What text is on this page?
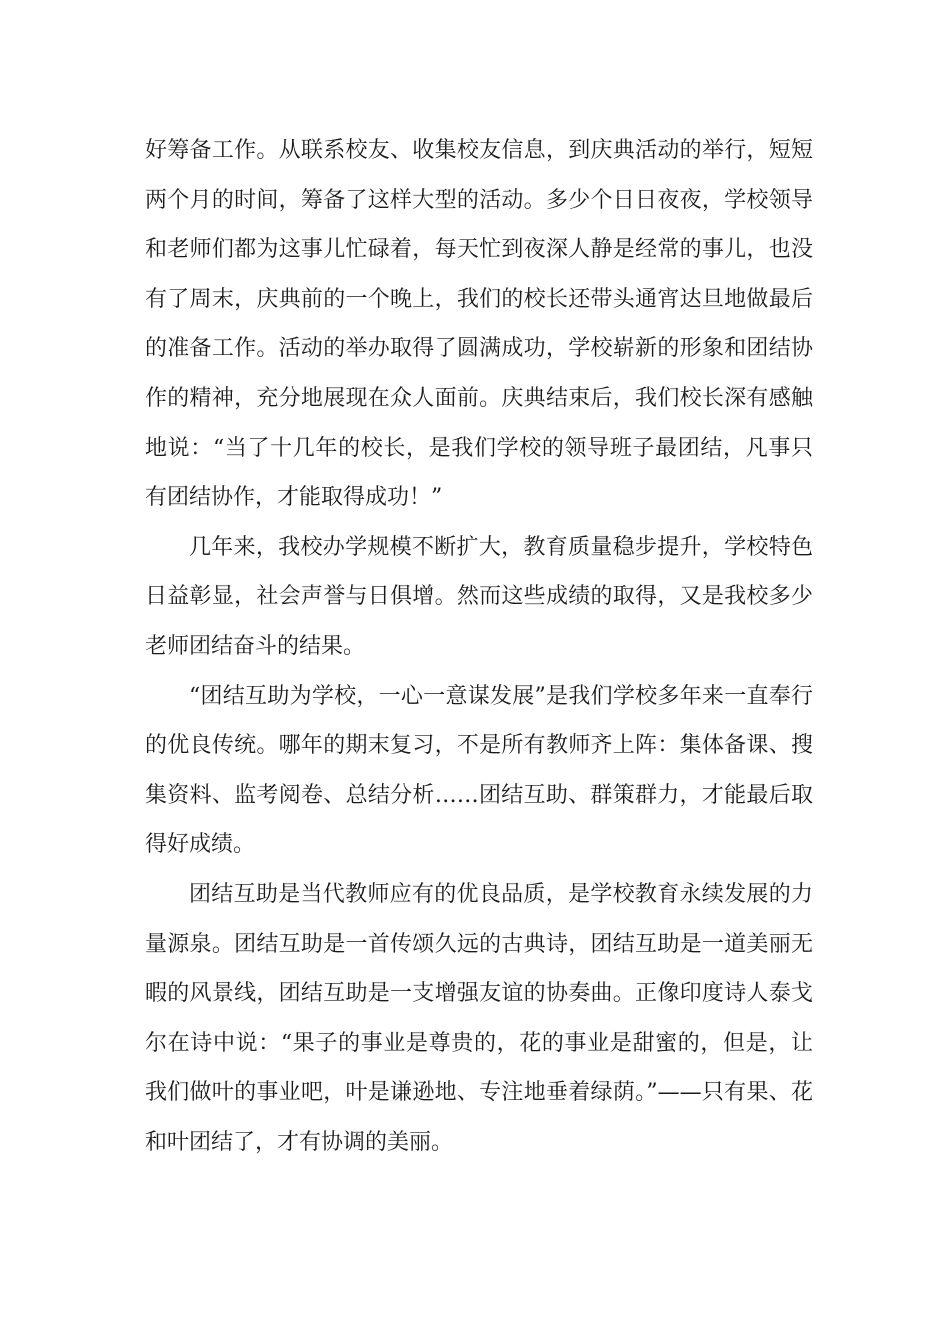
好筹备工作。从联系校友、收集校友信息，到庆典活动的举行，短短两个月的时间，筹备了这样大型的活动。多少个日日夜夜，学校领导和老师们都为这事儿忙碌着，每天忙到夜深人静是经常的事儿，也没有了周末，庆典前的一个晚上，我们的校长还带头通宵达旦地做最后的准备工作。活动的举办取得了圆满成功，学校崭新的形象和团结协作的精神，充分地展现在众人面前。庆典结束后，我们校长深有感触地说：“当了十几年的校长，是我们学校的领导班子最团结，凡事只有团结协作，才能取得成功！”

几年来，我校办学规模不断扩大，教育质量稳步提升，学校特色日益彰显，社会声誉与日俱增。然而这些成绩的取得，又是我校多少老师团结奋斗的结果。

“团结互助为学校，一心一意谋发展”是我们学校多年来一直奉行的优良传统。哪年的期末复习，不是所有教师齐上阵：集体备课、搜集资料、监考阅卷、总结分析……团结互助、群策群力，才能最后取得好成绩。

团结互助是当代教师应有的优良品质，是学校教育永续发展的力量源泉。团结互助是一首传颂久远的古典诗，团结互助是一道美丽无暇的风景线，团结互助是一支增强友谊的协奏曲。正像印度诗人泰戈尔在诗中说：“果子的事业是尊贵的，花的事业是甜蜜的，但是，让我们做叶的事业吧，叶是谦逊地、专注地垂着绿荫。”——只有果、花和叶团结了，才有协调的美丽。
